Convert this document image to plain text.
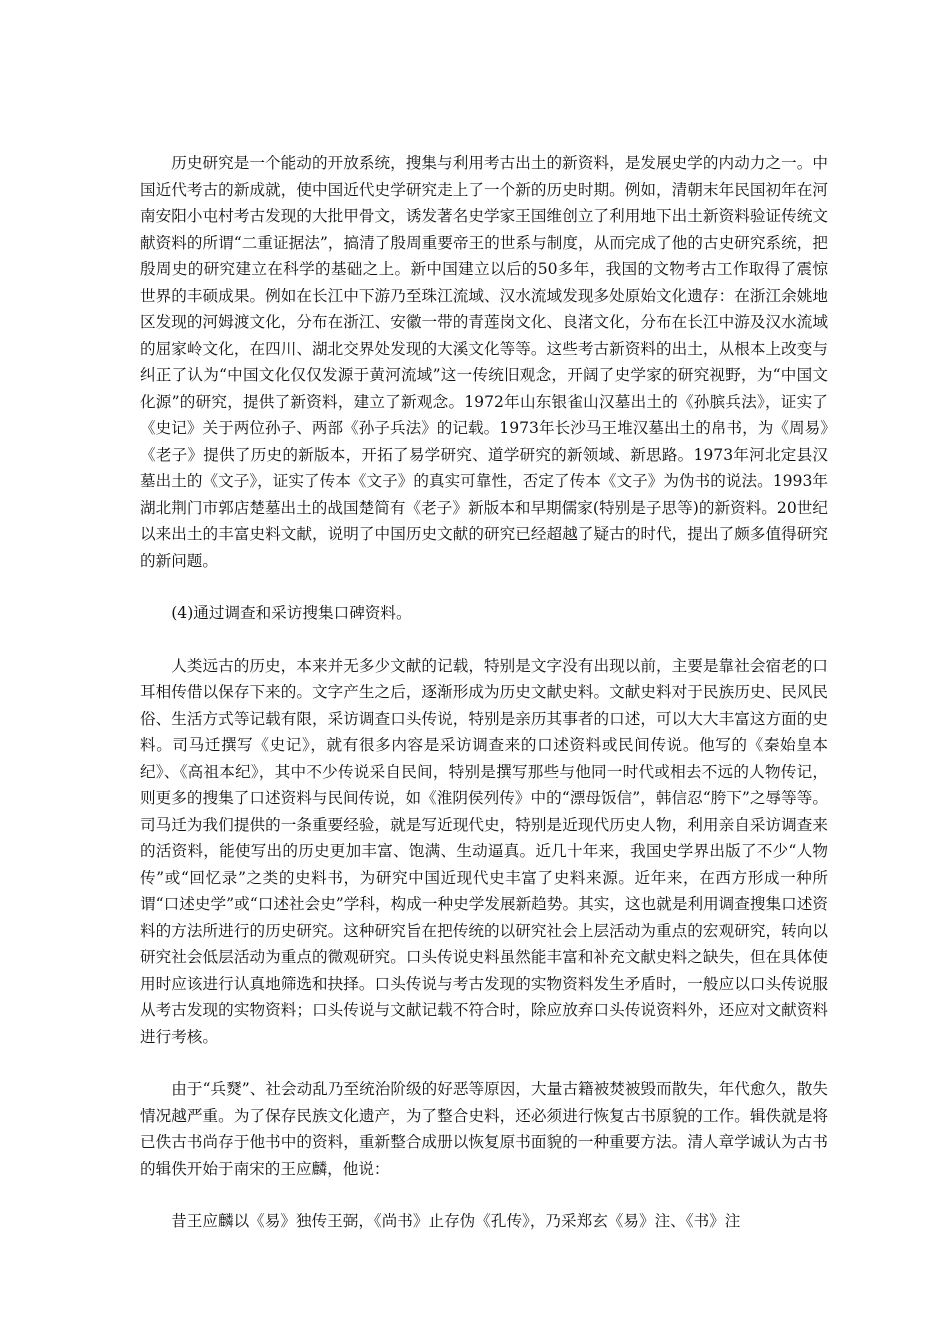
历史研究是一个能动的开放系统，搜集与利用考古出土的新资料，是发展史学的内动力之一。中国近代考古的新成就，使中国近代史学研究走上了一个新的历史时期。例如，清朝末年民国初年在河南安阳小屯村考古发现的大批甲骨文，诱发著名史学家王国维创立了利用地下出土新资料验证传统文献资料的所谓“二重证据法”，搞清了殷周重要帝王的世系与制度，从而完成了他的古史研究系统，把殷周史的研究建立在科学的基础之上。新中国建立以后的50多年，我国的文物考古工作取得了震惊世界的丰硕成果。例如在长江中下游乃至珠江流域、汉水流域发现多处原始文化遗存：在浙江余姚地区发现的河姆渡文化，分布在浙江、安徽一带的青莲岗文化、良渚文化，分布在长江中游及汉水流域的屈家岭文化，在四川、湖北交界处发现的大溪文化等等。这些考古新资料的出土，从根本上改变与纠正了认为“中国文化仅仅发源于黄河流域”这一传统旧观念，开阔了史学家的研究视野，为“中国文化源”的研究，提供了新资料，建立了新观念。1972年山东银雀山汉墓出土的《孙膑兵法》，证实了《史记》关于两位孙子、两部《孙子兵法》的记载。1973年长沙马王堆汉墓出土的帛书，为《周易》《老子》提供了历史的新版本，开拓了易学研究、道学研究的新领域、新思路。1973年河北定县汉墓出土的《文子》，证实了传本《文子》的真实可靠性，否定了传本《文子》为伪书的说法。1993年湖北荆门市郭店楚墓出土的战国楚简有《老子》新版本和早期儒家(特别是子思等)的新资料。20世纪以来出土的丰富史料文献，说明了中国历史文献的研究已经超越了疑古的时代，提出了颇多值得研究的新问题。

(4)通过调查和采访搜集口碑资料。

人类远古的历史，本来并无多少文献的记载，特别是文字没有出现以前，主要是靠社会宿老的口耳相传借以保存下来的。文字产生之后，逐渐形成为历史文献史料。文献史料对于民族历史、民风民俗、生活方式等记载有限，采访调查口头传说，特别是亲历其事者的口述，可以大大丰富这方面的史料。司马迁撰写《史记》，就有很多内容是采访调查来的口述资料或民间传说。他写的《秦始皇本纪》、《高祖本纪》，其中不少传说采自民间，特别是撰写那些与他同一时代或相去不远的人物传记，则更多的搜集了口述资料与民间传说，如《淮阴侯列传》中的“漂母饭信”，韩信忍“胯下”之辱等等。司马迁为我们提供的一条重要经验，就是写近现代史，特别是近现代历史人物，利用亲自采访调查来的活资料，能使写出的历史更加丰富、饱满、生动逼真。近几十年来，我国史学界出版了不少“人物传”或“回忆录”之类的史料书，为研究中国近现代史丰富了史料来源。近年来，在西方形成一种所谓“口述史学”或“口述社会史”学科，构成一种史学发展新趋势。其实，这也就是利用调查搜集口述资料的方法所进行的历史研究。这种研究旨在把传统的以研究社会上层活动为重点的宏观研究，转向以研究社会低层活动为重点的微观研究。口头传说史料虽然能丰富和补充文献史料之缺失，但在具体使用时应该进行认真地筛选和抉择。口头传说与考古发现的实物资料发生矛盾时，一般应以口头传说服从考古发现的实物资料；口头传说与文献记载不符合时，除应放弃口头传说资料外，还应对文献资料进行考核。

由于“兵燹”、社会动乱乃至统治阶级的好恶等原因，大量古籍被焚被毁而散失，年代愈久，散失情况越严重。为了保存民族文化遗产，为了整合史料，还必须进行恢复古书原貌的工作。辑佚就是将已佚古书尚存于他书中的资料，重新整合成册以恢复原书面貌的一种重要方法。清人章学诚认为古书的辑佚开始于南宋的王应麟，他说：

昔王应麟以《易》独传王弼，《尚书》止存伪《孔传》，乃采郑玄《易》注、《书》注
